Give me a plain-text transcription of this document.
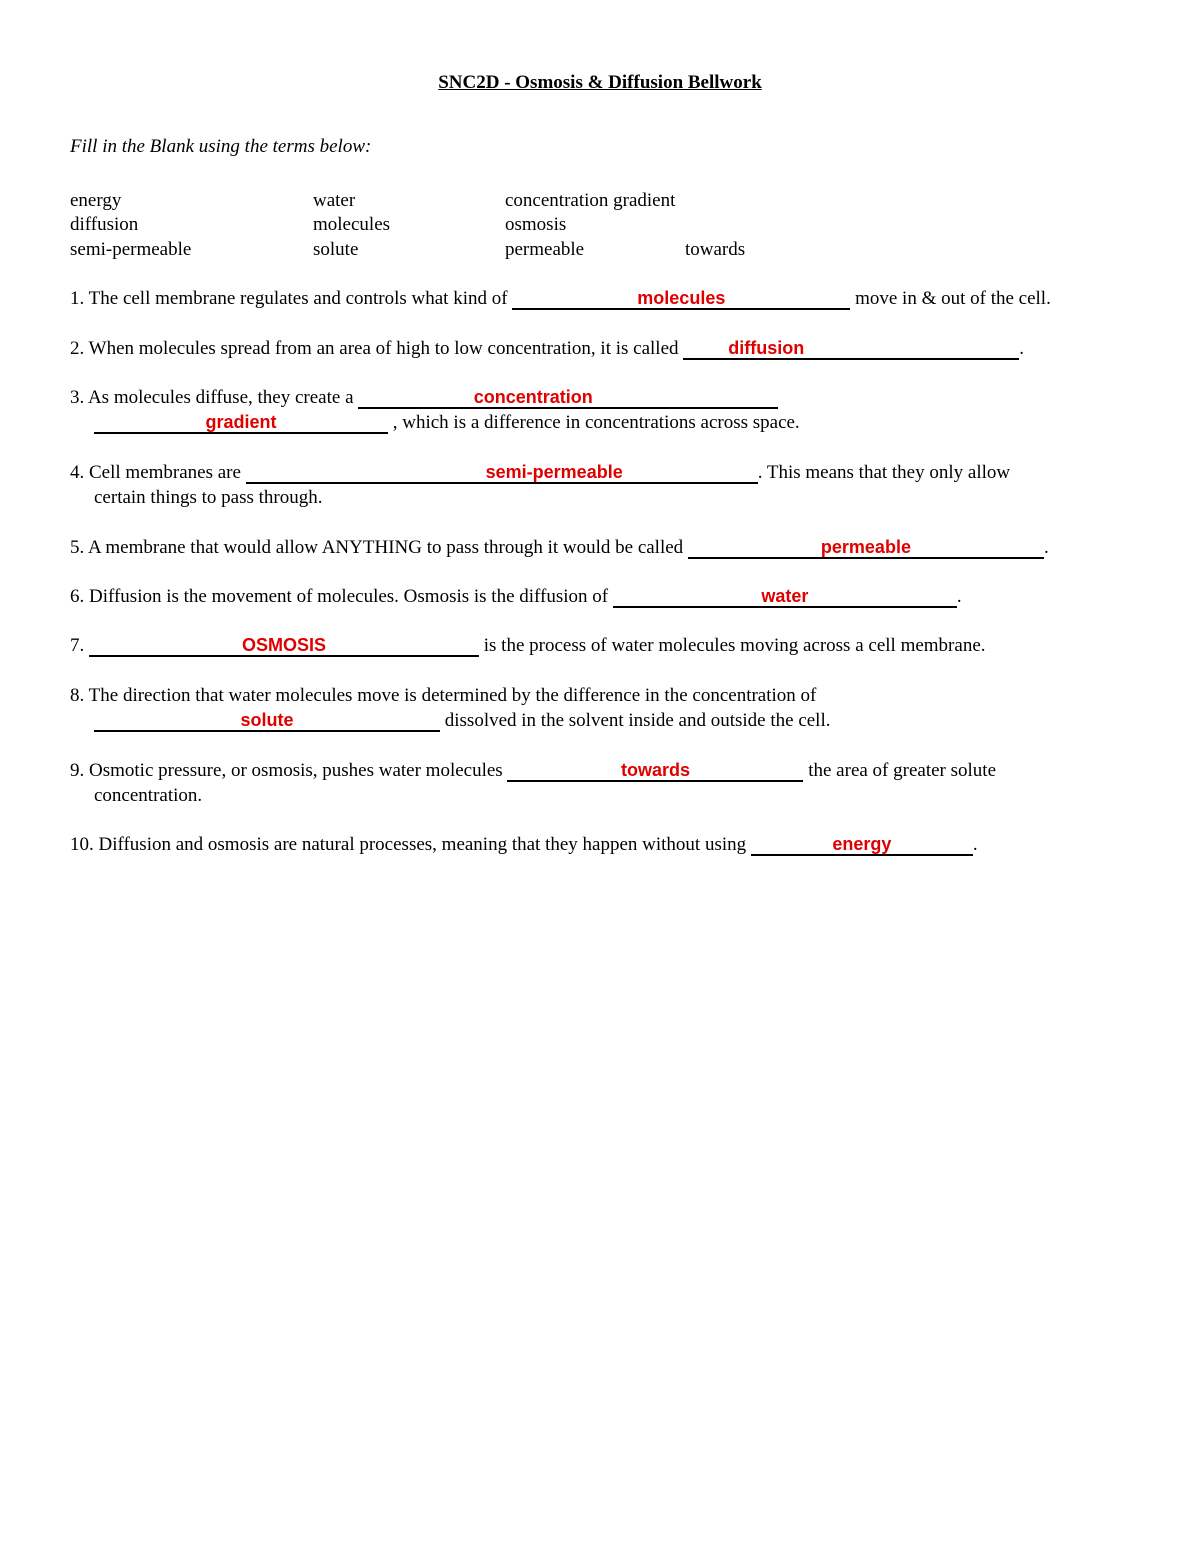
SNC2D - Osmosis & Diffusion Bellwork
Fill in the Blank using the terms below:
energy	water	concentration gradient
diffusion	molecules	osmosis
semi-permeable	solute	permeable	towards
1. The cell membrane regulates and controls what kind of	molecules	move in & out of the cell.
2. When molecules spread from an area of high to low concentration, it is called	diffusion	.
3. As molecules diffuse, they create a	concentration
gradient	, which is a difference in concentrations across space.
4. Cell membranes are	semi-permeable	. This means that they only allow
certain things to pass through.
5. A membrane that would allow ANYTHING to pass through it would be called	permeable	.
6. Diffusion is the movement of molecules. Osmosis is the diffusion of	water	.
7.	OSMOSIS	is the process of water molecules moving across a cell membrane.
8. The direction that water molecules move is determined by the difference in the concentration of
solute	dissolved in the solvent inside and outside the cell.
9. Osmotic pressure, or osmosis, pushes water molecules	towards	the area of greater solute
concentration.
10. Diffusion and osmosis are natural processes, meaning that they happen without using	energy	.
